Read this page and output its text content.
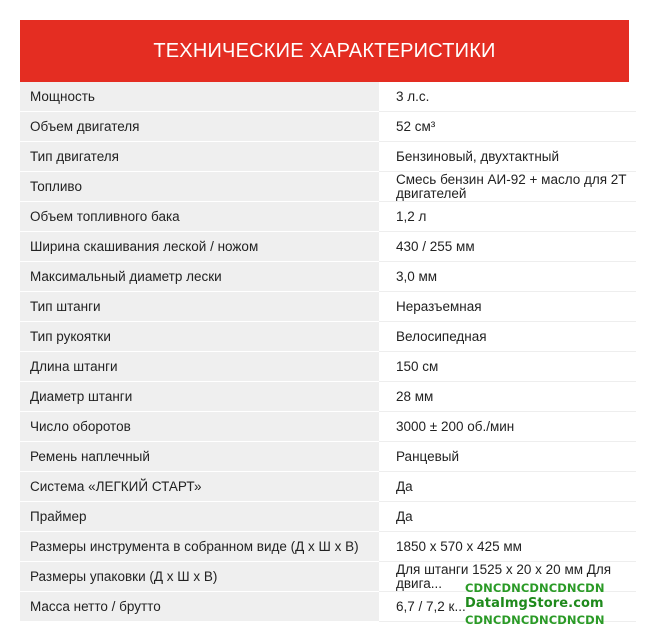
ТЕХНИЧЕСКИЕ ХАРАКТЕРИСТИКИ
Мощность	3 л.с.
Объем двигателя	52 см³
Тип двигателя	Бензиновый, двухтактный
Топливо	Смесь бензин АИ-92 + масло для 2Т двигателей
Объем топливного бака	1,2 л
Ширина скашивания леской / ножом	430 / 255 мм
Максимальный диаметр лески	3,0 мм
Тип штанги	Неразъемная
Тип рукоятки	Велосипедная
Длина штанги	150 см
Диаметр штанги	28 мм
Число оборотов	3000 ± 200 об./мин
Ремень наплечный	Ранцевый
Система «ЛЕГКИЙ СТАРТ»	Да
Праймер	Да
Размеры инструмента в собранном виде (Д х Ш х В)	1850 х 570 х 425 мм
Размеры упаковки (Д х Ш х В)	Для штанги 1525 х 20 х 20 мм Для двига...
Масса нетто / брутто	6,7 / 7,2 к...
CDNCDNCDNCDNCDN
DataImgStore.com
CDNCDNCDNCDNCDN
